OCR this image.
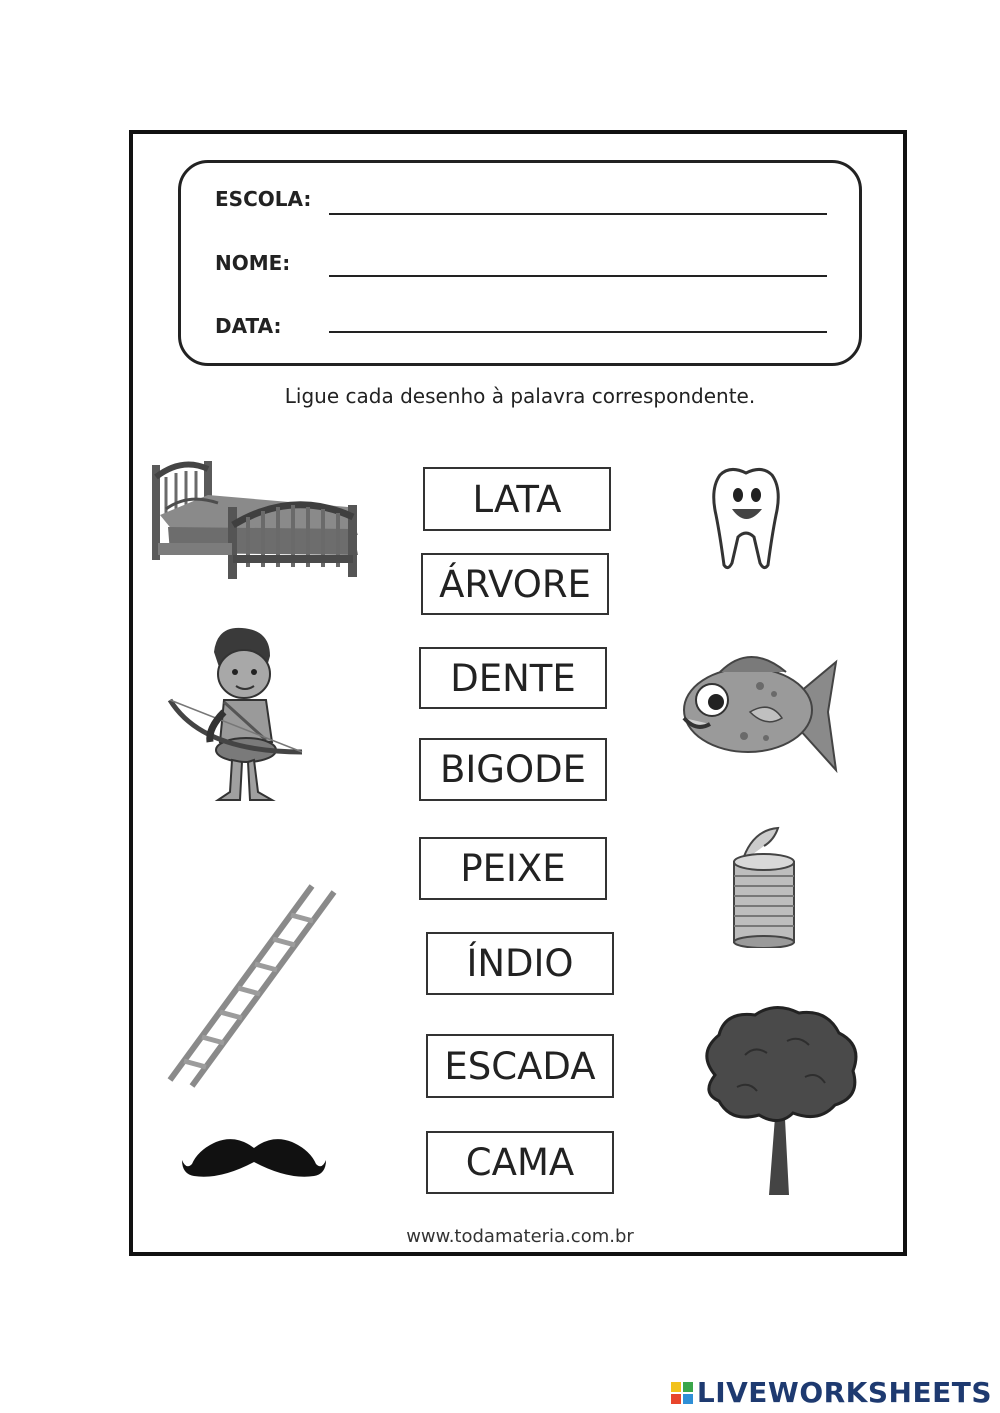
ESCOLA:
NOME:
DATA:
Ligue cada desenho à palavra correspondente.
LATA
ÁRVORE
DENTE
BIGODE
PEIXE
ÍNDIO
ESCADA
CAMA
www.todamateria.com.br
LIVEWORKSHEETS
